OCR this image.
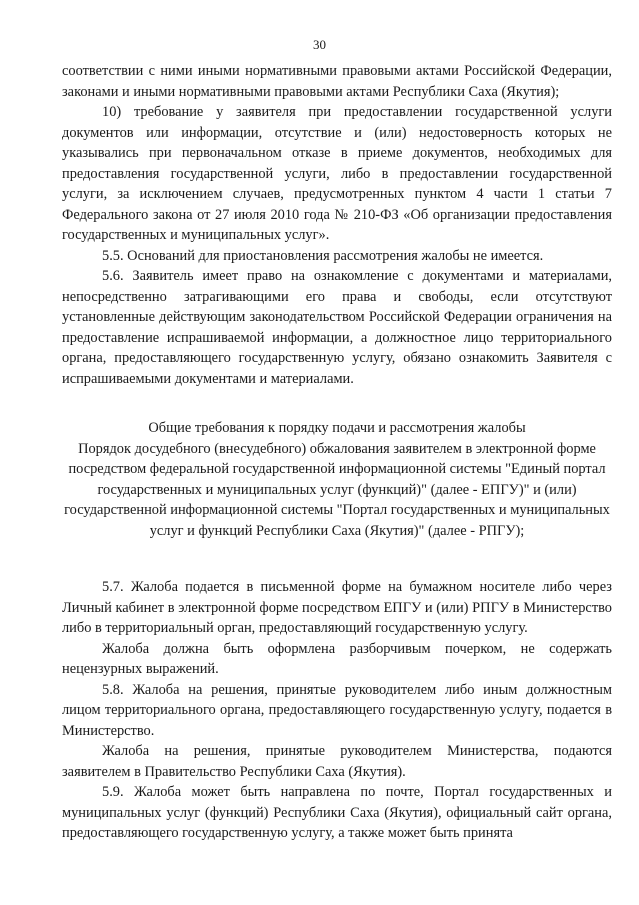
30

соответствии с ними иными нормативными правовыми актами Российской Федерации, законами и иными нормативными правовыми актами Республики Саха (Якутия);

10) требование у заявителя при предоставлении государственной услуги документов или информации, отсутствие и (или) недостоверность которых не указывались при первоначальном отказе в приеме документов, необходимых для предоставления государственной услуги, либо в предоставлении государственной услуги, за исключением случаев, предусмотренных пунктом 4 части 1 статьи 7 Федерального закона от 27 июля 2010 года № 210-ФЗ «Об организации предоставления государственных и муниципальных услуг».

5.5. Оснований для приостановления рассмотрения жалобы не имеется.

5.6. Заявитель имеет право на ознакомление с документами и материалами, непосредственно затрагивающими его права и свободы, если отсутствуют установленные действующим законодательством Российской Федерации ограничения на предоставление испрашиваемой информации, а должностное лицо территориального органа, предоставляющего государственную услугу, обязано ознакомить Заявителя с испрашиваемыми документами и материалами.

Общие требования к порядку подачи и рассмотрения жалобы

Порядок досудебного (внесудебного) обжалования заявителем в электронной форме посредством федеральной государственной информационной системы "Единый портал государственных и муниципальных услуг (функций)" (далее - ЕПГУ)" и (или) государственной информационной системы "Портал государственных и муниципальных услуг и функций Республики Саха (Якутия)" (далее - РПГУ);

5.7. Жалоба подается в письменной форме на бумажном носителе либо через Личный кабинет в электронной форме посредством ЕПГУ и (или) РПГУ в Министерство либо в территориальный орган, предоставляющий государственную услугу.

Жалоба должна быть оформлена разборчивым почерком, не содержать нецензурных выражений.

5.8. Жалоба на решения, принятые руководителем либо иным должностным лицом территориального органа, предоставляющего государственную услугу, подается в Министерство.

Жалоба на решения, принятые руководителем Министерства, подаются заявителем в Правительство Республики Саха (Якутия).

5.9. Жалоба может быть направлена по почте, Портал государственных и муниципальных услуг (функций) Республики Саха (Якутия), официальный сайт органа, предоставляющего государственную услугу, а также может быть принята
